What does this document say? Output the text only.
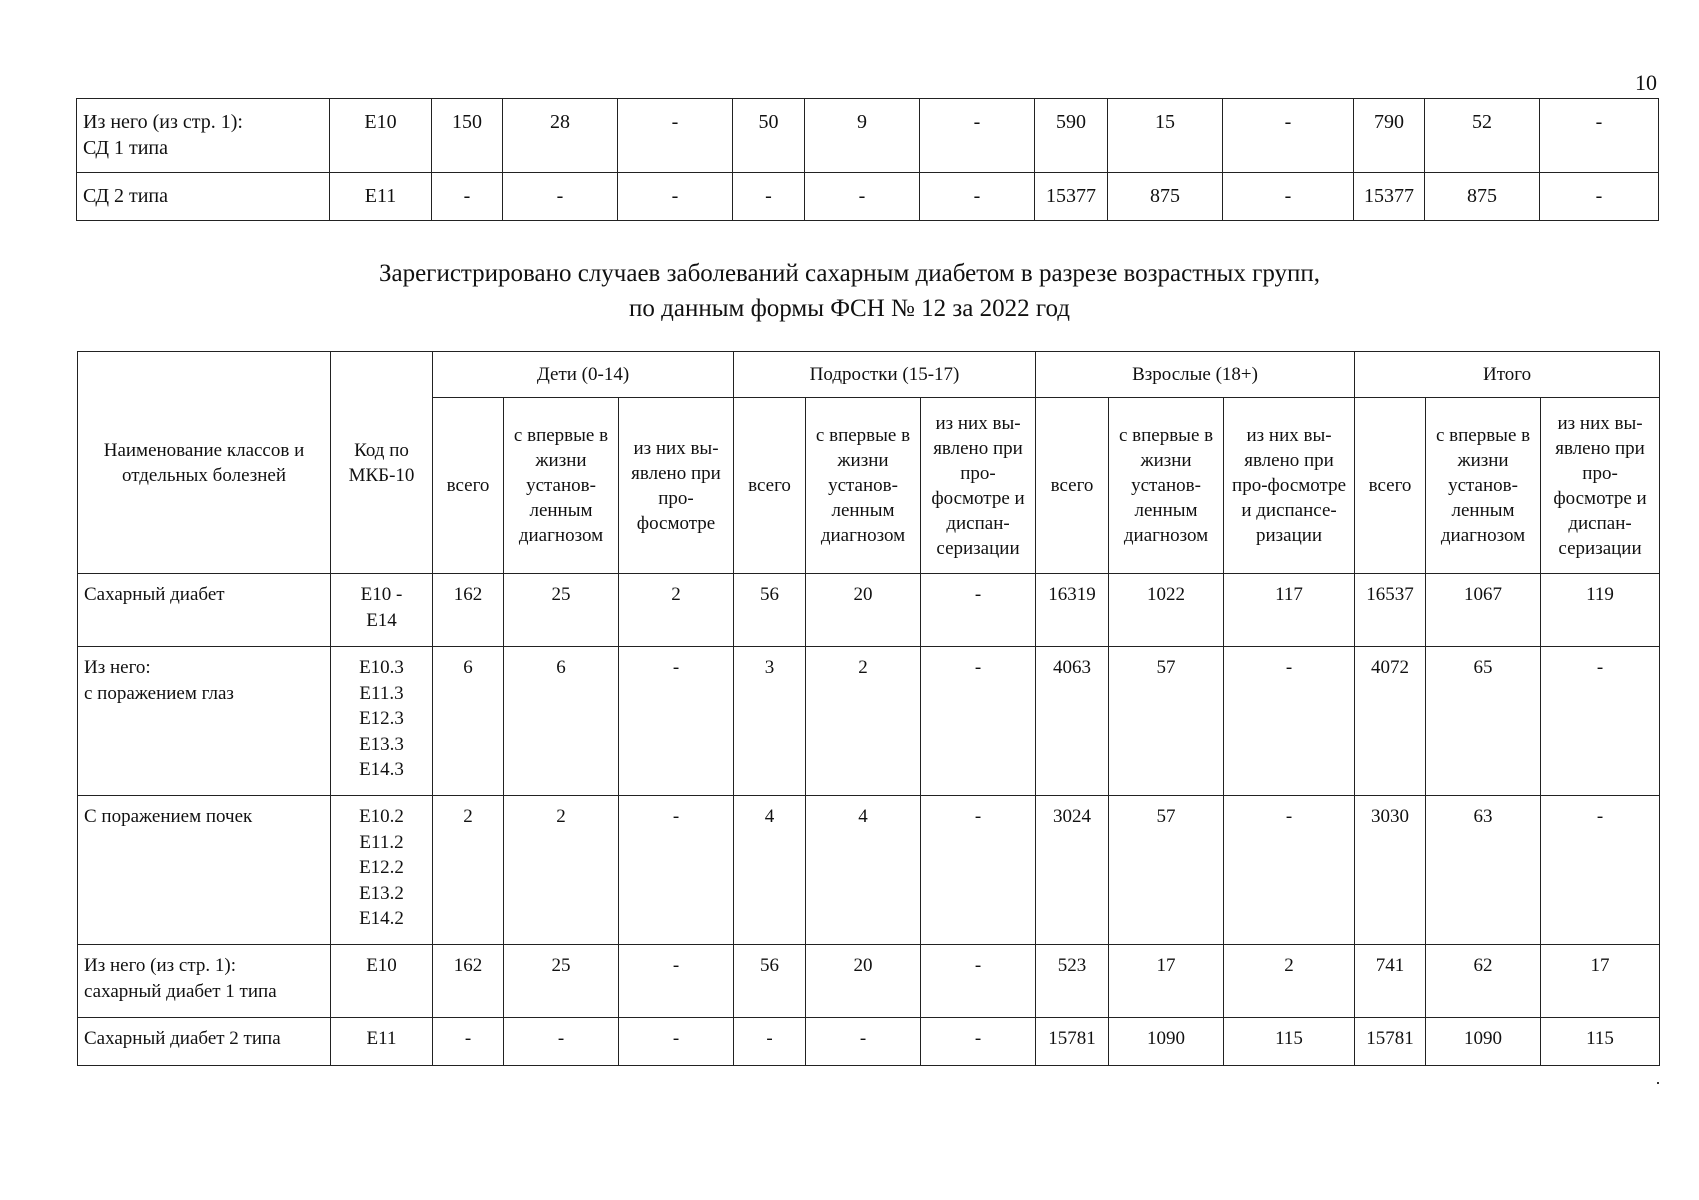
10
Из него (из стр. 1):
СД 1 типа	Е10	150	28	-	50	9	-	590	15	-	790	52	-
СД 2 типа	Е11	-	-	-	-	-	-	15377	875	-	15377	875	-
Зарегистрировано случаев заболеваний сахарным диабетом в разрезе возрастных групп,
по данным формы ФСН № 12 за 2022 год
Наименование классов и отдельных болезней	Код по МКБ-10	Дети (0-14)			Подростки (15-17)			Взрослые (18+)			Итого		
		всего	с впервые в жизни установ-ленным диагнозом	из них вы-явлено при про-фосмотре	всего	с впервые в жизни установ-ленным диагнозом	из них вы-явлено при про-фосмотре и диспан-серизации	всего	с впервые в жизни установ-ленным диагнозом	из них вы-явлено при про-фосмотре и диспансе-ризации	всего	с впервые в жизни установ-ленным диагнозом	из них вы-явлено при про-фосмотре и диспан-серизации
Сахарный диабет	Е10 -
Е14	162	25	2	56	20	-	16319	1022	117	16537	1067	119
Из него:
с поражением глаз	Е10.3
Е11.3
Е12.3
Е13.3
Е14.3	6	6	-	3	2	-	4063	57	-	4072	65	-
С поражением почек	Е10.2
Е11.2
Е12.2
Е13.2
Е14.2	2	2	-	4	4	-	3024	57	-	3030	63	-
Из него (из стр. 1):
сахарный диабет 1 типа	Е10	162	25	-	56	20	-	523	17	2	741	62	17
Сахарный диабет 2 типа	Е11	-	-	-	-	-	-	15781	1090	115	15781	1090	115
